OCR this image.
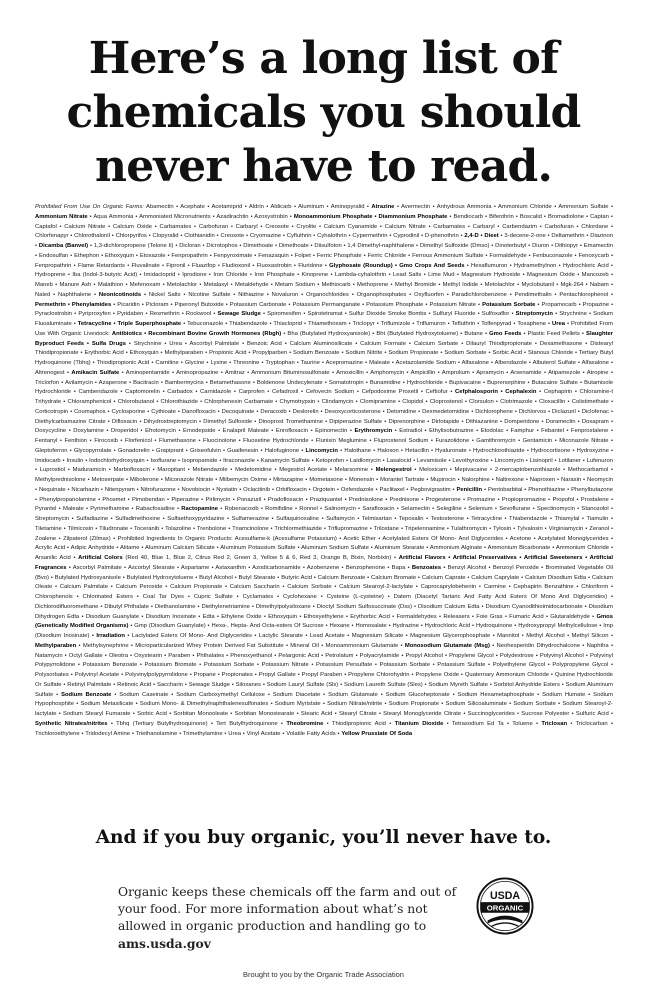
Here’s a long list of
chemicals you should
never have to read.
Prohibited From Use On Organic Farms: Abamectin • Acephate • Acetamiprid • Aldrin • Aldicarb • Aluminum • Aminopyralid • Atrazine • Avermectin • Anhydrous Ammonia • Ammonium Chloride • Ammonium Sulfate • Ammonium Nitrate • Aqua Ammonia • Ammoniated Micronutrients • Azadirachtin • Azoxystrobin • Monoammonium Phosphate • Diammonium Phosphate • Bendiocarb • Bifenthrin • Boscalid • Bromadiolone • Captan • Captafol • Calcium Nitrate • Calcium Oxide • Carbamates • Carbofuran • Carbaryl • Creosote • Cryolite • Calcium Cyanamide • Calcium Nitrate • Carbamates • Carbaryl • Carbendazim • Carbofuran • Chlordane • Chlorfenapyr • Chlorothalonil • Chlorpyrifos • Clopyralid • Clothianidin • Creosote • Cryomazine • Cyfluthrin • Cyhalothrin • Cypermethrin • Cyprodinil • D-phenothrin • 2,4-D • Dieet • 3-decene-2-one • Deltamethrin • Diazinon • Dicamba (Banvel) • 1,3-dichloropropene (Telone Ii) • Dicloran • Dicrotophos • Dimethoate • Dimethoate • Diisulfoton • 1,4 Dimethyl-naphthalene • Dimethyl Sulfoxide (Dmso) • Dinoterbutyl • Diuron • Dithiopyr • Emamectin • Endosulfan • Ethephon • Ethoxyquin • Etoxazole • Fenpropathrin • Fenpyroximate • Fenazaquin • Folpet • Ferric Phosphate • Ferric Chloride • Ferrous Ammonium Sulfate • Formaldehyde • Fenbuconazole • Fenoxycarb • Fenpropathrin • Flame Retardants • Fluvalinate • Fipronil • Fluazifop • Fludioxonil • Fluoxastrobin • Fluridone • Glyphosate (Roundup) • Gmo Crops And Seeds • Hexaflumuron • Hydramethylnon • Hydrochloric Acid • Hydroprene • Iba (Indol-3-butyric Acid) • Imidacloprid • Iprodione • Iron Chloride • Iron Phosphate • Kinoprene • Lambda-cyhalothrin • Lead Salts • Lime Mud • Magnesium Hydroxide • Magnesium Oxide • Mancozeb • Maneb • Manure Ash • Malathion • Mefenoxam • Metolachlor • Metalaxyl • Metaldehyde • Metam Sodium • Methiocarb • Methoprene • Methyl Bromide • Methyl Iodide • Metolachlor • Myclobutanil • Mgk-264 • Nabam • Naled • Naphthalene • Neonicotinoids • Nickel Salts • Nicotine Sulfate • Nithiazine • Novaluron • Organochlorides • Organophosphates • Oxyfluorfen • Paradichlorobenzene • Pendimethalin • Pentachlorophenol • Permethrin • Phenylamides • Picaridin • Picloram • Piperonyl Butoxide • Potassium Carbonate • Potassium Permanganate • Potassium Phosphate • Potassium Nitrate • Potassium Sorbate • Propamocarb • Propazine • Pyraclostrobin • Pyriproxyfen • Pyridaben • Resmethrin • Rockwool • Sewage Sludge • Spiromesifen • Spirotetramat • Sulfur Dioxide Smoke Bombs • Sulfuryl Fluoride • Sulfoxaflor • Streptomycin • Strychnine • Sodium Fluoaluminate • Tetracycline • Triple Superphosphate • Tebuconazole • Thiabendazole • Thiacloprid • Thiamethoxam • Triclopyr • Triflumizole • Triflumuron • Tefluthrin • Tolfenpyrad • Toxaphene • Urea • Prohibited From Use With Organic Livestock: Antibiotics • Recombinant Bovine Growth Hormones (Rbgh) • Bha (Butylated Hydroxyanisole) • Bht (Butylated Hydroxytoluene) • Butane • Gmo Feeds • Plastic Feed Pellets • Slaughter Byproduct Feeds • Sulfa Drugs • Strychnine • Urea • Ascorbyl Palmitate • Benzoic Acid • Calcium Aluminosilicate • Calcium Formate • Calcium Sorbate • Dilauryl Thiodipropionate • Dexamethasone • Distearyl Thiodipropionate • Erythorbic Acid • Ethoxyquin • Methylparaben • Propionic Acid • Propylparben • Sodium Benzoate • Sodium Nitrite • Sodium Propionate • Sodium Sorbate • Sorbic Acid • Stanous Chloride • Tertiary Butyl Hydroquinone (Tbhq) • Thiodipropionic Acid • Carnitine • Glycine • Lysine • Threonine • Tryptophan • Taurine • Acepromazine • Maleate • Acetazolamide Sodium • Alfaxalone • Albendazole • Albuterol Sulfate • Alfaxalone • Altrenogest • Amikacin Sulfate • Aminopentamide • Aminopropazine • Amitraz • Ammonium Bituminosulfonate • Amoxicillin • Amphomycin • Ampicillin • Amprolium • Apramycin • Arsenamide • Atipamezole • Atropine • Triclorfon • Avilamycin • Azaperone • Bacitracin • Bambermycins • Betamethasone • Boldenone Undecylenate • Somatotropin • Bunamidine • Hydrochloride • Bupivacaine • Buprenorphine • Butacaine Sulfate • Butamisole Hydrochloride • Cambendazole • Captomorelin • Carbadox • Carnidazole • Carprofen • Cefadroxil • Cefovecin Sodium • Cefpodoxime Proxetil • Ceftiofur • Cefphalosporin • Cephalexin • Cephapirin • Chloramine-t Trihydrate • Chloramphenicol • Chlorobutanol • Chlorothiazide • Chlorphenesin Carbamate • Chymotrypsin • Clindamycin • Clomipramine • Clopidol • Cloprostenol • Clorsulon • Clotrimazole • Cloxacillin • Colistimethate • Corticotropin • Coumaphos • Cyclosporine • Cythioate • Danofloxacin • Decoquinate • Deracoxib • Deslorelin • Desoxycorticosterone • Detomidine • Dexmedetomidine • Dichlorophene • Dichlorvos • Diclazuril • Diclofenac • Diethylcarbamazine Citrate • Difloxacin • Dihydrostreptomycin • Dimethyl Sulfoxide • Dinoprost Tromethamine • Dipiperazine Sulfate • Diprenorphine • Dirlotapide • Dithiazanine • Domperidone • Doramectin • Doxapram • Doxycycline • Doxylamine • Droperidol • Efrotomycin • Emodepside • Enalapril Maleate • Enrofloxacin • Epinomectin • Erythromycin • Estradiol • Ethylisobutrazine • Etodolac • Famphur • Febantel • Fenprostalene • Fentanyl • Fenthion • Firocoxib • Florfenicol • Flumethasone • Fluocinolone • Fluoxetine Hydrochloride • Flunixin Meglumine • Fluprostenol Sodium • Furazolidone • Gamithromycin • Gentamicin • Miconazole Nitrate • Gleptoferron • Glycopyrrolate • Gonadorelin • Grapiprant • Griseofulvin • Guaifenesin • Halofuginone • Lincomycin • Halothane • Haloxon • Hetacillin • Hyaluronate • Hydrochlorothiazide • Hydrocortisone • Hydroxyzine • Imidocarb • Insulin • Iodochlorhydroxyquin • Isoflurane • Isopropamide • Itraconazole • Kanamycin Sulfate • Ketoprofen • Laidlomycin • Lasalocid • Levamisole • Levothyroxine • Lincomycin • Lisinopril • Lotilaner • Lufenuron • Luprostiol • Maduramicin • Marbofloxacin • Maropitant • Mebendazole • Medetomidine • Megestrol Acetate • Melarsomine • Melengestrol • Meloxicam • Mepivacaine • 2-mercaptobenzothiazole • Methocarbamol • Methylprednisolone • Metoserpate • Mibolerone • Miconazole Nitrate • Milbemycin Oxime • Mirtazapine • Mometasone • Monensin • Morantel Tartrate • Mupirocin • Nalorphine • Naltrexone • Naproxen • Narasin • Neomycin • Nequinate • Nicarbazin • Nitenpyram • Nitrofurazone • Novobiocin • Nystatin • Oclacitinib • Orbifloxacin • Orgotein • Oxfendazole • Paclitaxel • Pegbovigrastim • Penicillin • Pentobarbital • Phenothiazine • Phenylbutazone • Phenylpropanolamine • Phosmet • Pimobendan • Piperazine • Pirlimycin • Ponazuril • Pradofloxacin • Praziquantel • Prednisolone • Prednisone • Progesterone • Promazine • Propiopromazine • Propofol • Prostalene • Pyrantel • Maleate • Pyrimethamine • Rabacfosadine • Ractopamine • Robenacoxib • Romifidine • Ronnel • Salinomycin • Sarafloxacin • Selamectin • Selegiline • Selenium • Sevoflurane • Spectinomycin • Stanozolol • Streptomycin • Sulfadiazine • Sulfadimethoxine • Sulfaethoxypyridazine • Sulfamerazine • Sulfaquinoxaline • Sulfamycin • Telmisartan • Tepoxalin • Testosterone • Tetracycline • Thiabendazole • Thiamylal • Tiamulin • Tiletamine • Tilmicosin • Tiludronate • Toceranib • Tolazoline • Trenbolone • Triamcinolone • Trichlormethiazide • Triflupromazine • Trilostane • Tripelennamine • Tulathromycin • Tylosin • Tylvalosin • Virginiamycin • Zeranol • Zoalene • Zilpaterol (Zilmax) • Prohibited Ingredients In Organic Products: Acesulfame-k (Acesulfame Potassium) • Acetic Ether • Acetylated Esters Of Mono- And Diglycerides • Acetone • Acetylated Monoglycerides • Acrylic Acid • Adipic Anhydride • Alitame • Aluminum Calcium Silicate • Aluminum Potassium Sulfate • Aluminum Sodium Sulfate • Aluminum Stearate • Ammonium Alginate • Ammonium Bicarbonate • Ammonium Chloride • Arsanilic Acid • Artificial Colors (Red 40, Blue 1, Blue 2, Citrus Red 2, Green 3, Yellow 5 & 6, Red 3, Orange B, Bixin, Norbixin) • Artificial Flavors • Artificial Preservatives • Artificial Sweeteners • Artificial Fragrances • Ascorbyl Palmitate • Ascorbyl Stearate • Aspartame • Astaxanthin • Azodicarbonamide • Azobenzene • Benzophenone • Bapa • Benzoates • Benzyl Alcohol • Benzoyl Peroxide • Brominated Vegetable Oil (Bvo) • Butylated Hydroxyanisole • Butylated Hydroxytoluene • Butyl Alcohol • Butyl Stearate • Butyric Acid • Calcium Benzoate • Calcium Bromate • Calcium Caprate • Calcium Caprylate • Calcium Disodium Edta • Calcium Oleate • Calcium Palmitate • Calcium Peroxide • Calcium Propionate • Calcium Saccharin • Calcium Sorbate • Calcium Stearoyl-2-lactylate • Caprocaprylobehenin • Carmine • Cephapirin Benzathine • Chloriform • Chlorophenols • Chlorinated Esters • Coal Tar Dyes • Cupric Sulfate • Cyclamates • Cyclohexane • Cysteine (L-cysteine) • Datem (Diacetyl Tartaric And Fatty Acid Esters Of Mono And Diglycerides) • Dichlorodifluoromethane • Dibutyl Phthalate • Diethanolamine • Diethylenetriamine • Dimethylpolysiloxane • Dioctyl Sodium Sulfosuccinate (Dss) • Disodium Calcium Edta • Disodium Cyanodithioimidocarbonate • Disodium Dihydrogen Edta • Disodium Guanylate • Disodium Inosinate • Edta • Ethylene Oxide • Ethoxyquin • Ethoxyethylene • Erythorbic Acid • Formaldehydes • Releasers • Foie Gras • Fumaric Acid • Glutaraldehyde • Gmos (Genetically Modified Organisms) • Gmp (Disodium Guanylate) • Hexa-, Hepta- And Octa-esters Of Sucrose • Hexane • Homosalate • Hydrazine • Hydrochloric Acid • Hydroquinone • Hydroxypropyl Methylcellulose • Imp (Disodium Inosinate) • Irradiation • Lactylated Esters Of Mono- And Diglycerides • Lactylic Stearate • Lead Acetate • Magnesium Silicate • Magnesium Glycerophosphate • Mannitol • Methyl Alcohol • Methyl Silicon • Methylparaben • Methylsynephrine • Microparticularized Whey Protein Derived Fat Substitute • Mineral Oil • Monoammonium Glutamate • Monosodium Glutamate (Msg) • Neohesperidin Dihydrochalcone • Naphtha • Natamycin • Octyl Gallate • Oleotra • Oxystearin • Paraben • Phthalates • Phenoxyethanol • Pelargonic Acid • Petrolatum • Polyacrylamide • Propyl Alcohol • Propylene Glycol • Polydextrose • Polyvinyl Alcohol • Polyvinyl Polypyrrolidone • Potassium Benzoate • Potassium Bromate • Potassium Sorbate • Potassium Nitrate • Potassium Persulfate • Potassium Sorbate • Potassium Sulfate • Polyethylene Glycol • Polypropylene Glycol • Polysorbates • Polyvinyl Acetate • Polyvinylpolypyrrolidone • Propane • Propionates • Propyl Gallate • Propyl Paraben • Propylene Chlorohydrin • Propylene Oxide • Quaternary Ammonium Chloride • Quinine Hydrochloride Or Sulfate • Retinyl Palmitate • Retinoic Acid • Saccharin • Sewage Sludge • Siloxanes • Sodium Lauryl Sulfate (Sls) • Sodium Laureth Sulfate (Sles) • Sodium Myreth Sulfate • Sorbitol Anhydride Esters • Sodium Aluminum Sulfate • Sodium Benzoate • Sodium Caseinate • Sodium Carboxymethyl Cellulose • Sodium Diacetate • Sodium Glutamate • Sodium Glucoheptonate • Sodium Hexametaphosphate • Sodium Humate • Sodium Hypophosphite • Sodium Metasilicate • Sodium Mono- & Dimethylnaphthalenesulfonates • Sodium Myristate • Sodium Nitrate/nitrite • Sodium Propionate • Sodium Silicoaluminate • Sodium Sorbate • Sodium Stearoyl-2-lactylate • Sodium Stearyl Fumarate • Sorbic Acid • Sorbitan Monooleate • Sorbitan Monostearate • Stearic Acid • Stearyl Citrate • Stearyl Monoglyceride Citrate • Succinoglycerides • Sucrose Polyester • Sulfuric Acid • Synthetic Nitrates/nitrites • Tbhq (Tertiary Butylhydroquinone) • Tert Butylhydroquinone • Theobromine • Thiodipropionic Acid • Titanium Dioxide • Tetrasodium Ed Ta • Toluene • Triclosan • Triclocarban • Trichloroethylene • Tridodecyl Amine • Triethanolamine • Trimethylamine • Urea • Vinyl Acetate • Volatile Fatty Acids • Yellow Prussiate Of Soda
And if you buy organic, you’ll never have to.

Organic keeps these chemicals off the farm and out of your food. For more information about what’s not allowed in organic production and handling go to ams.usda.gov

USDA
ORGANIC
Brought to you by the Organic Trade Association
